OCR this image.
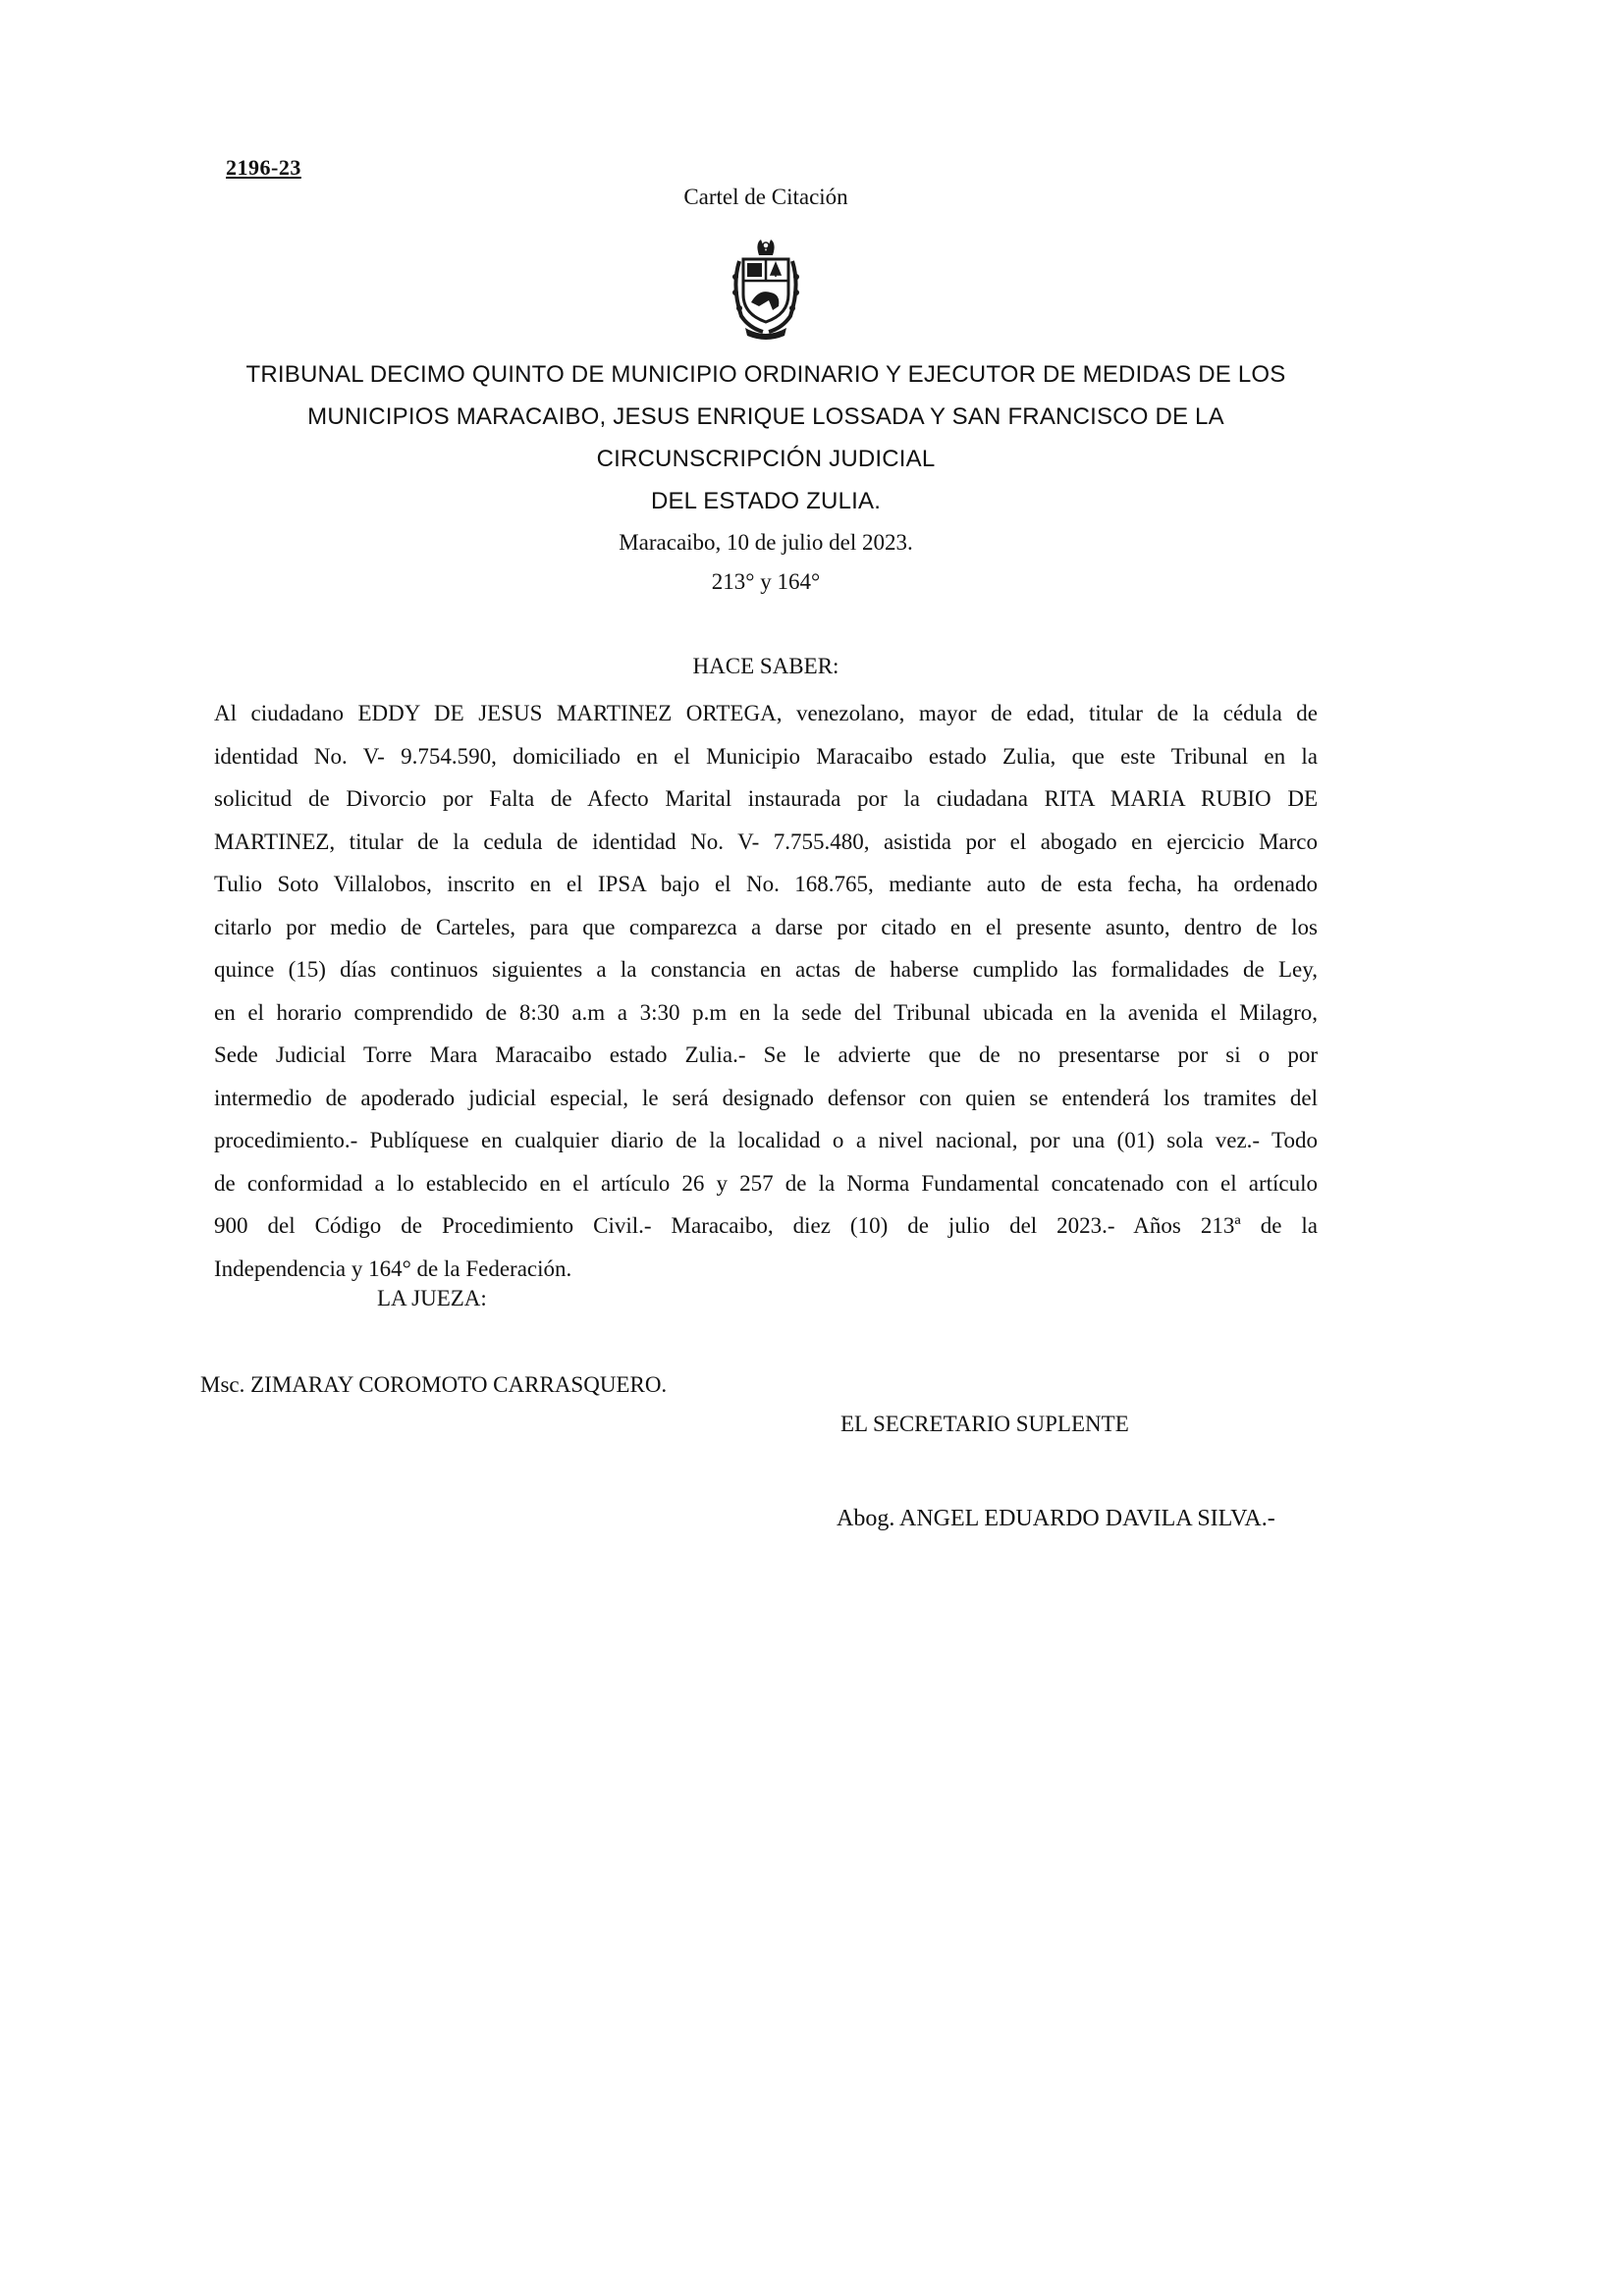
2196-23
Cartel de Citación
TRIBUNAL DECIMO QUINTO DE MUNICIPIO ORDINARIO Y EJECUTOR DE MEDIDAS DE LOS
MUNICIPIOS MARACAIBO, JESUS ENRIQUE LOSSADA Y SAN FRANCISCO DE LA
CIRCUNSCRIPCIÓN JUDICIAL
DEL ESTADO ZULIA.
Maracaibo, 10 de julio del 2023.
213° y 164°
HACE SABER:
Al ciudadano EDDY DE JESUS MARTINEZ ORTEGA, venezolano, mayor de edad, titular de la cédula de
identidad No. V- 9.754.590, domiciliado en el Municipio Maracaibo estado Zulia, que este Tribunal en la
solicitud de Divorcio por Falta de Afecto Marital instaurada por la ciudadana RITA MARIA RUBIO DE
MARTINEZ, titular de la cedula de identidad No. V- 7.755.480, asistida por el abogado en ejercicio Marco
Tulio Soto Villalobos, inscrito en el IPSA bajo el No. 168.765, mediante auto de esta fecha, ha ordenado
citarlo por medio de Carteles, para que comparezca a darse por citado en el presente asunto, dentro de los
quince (15) días continuos siguientes a la constancia en actas de haberse cumplido las formalidades de Ley,
en el horario comprendido de 8:30 a.m a 3:30 p.m en la sede del Tribunal ubicada en la avenida el Milagro,
Sede Judicial Torre Mara Maracaibo estado Zulia.- Se le advierte que de no presentarse por si o por
intermedio de apoderado judicial especial, le será designado defensor con quien se entenderá los tramites del
procedimiento.- Publíquese en cualquier diario de la localidad o a nivel nacional, por una (01) sola vez.- Todo
de conformidad a lo establecido en el artículo 26 y 257 de la Norma Fundamental concatenado con el artículo
900 del Código de Procedimiento Civil.- Maracaibo, diez (10) de julio del 2023.- Años 213ª de la
Independencia y 164° de la Federación.
LA JUEZA:
Msc. ZIMARAY COROMOTO CARRASQUERO.
EL SECRETARIO SUPLENTE
Abog. ANGEL EDUARDO DAVILA SILVA.-
